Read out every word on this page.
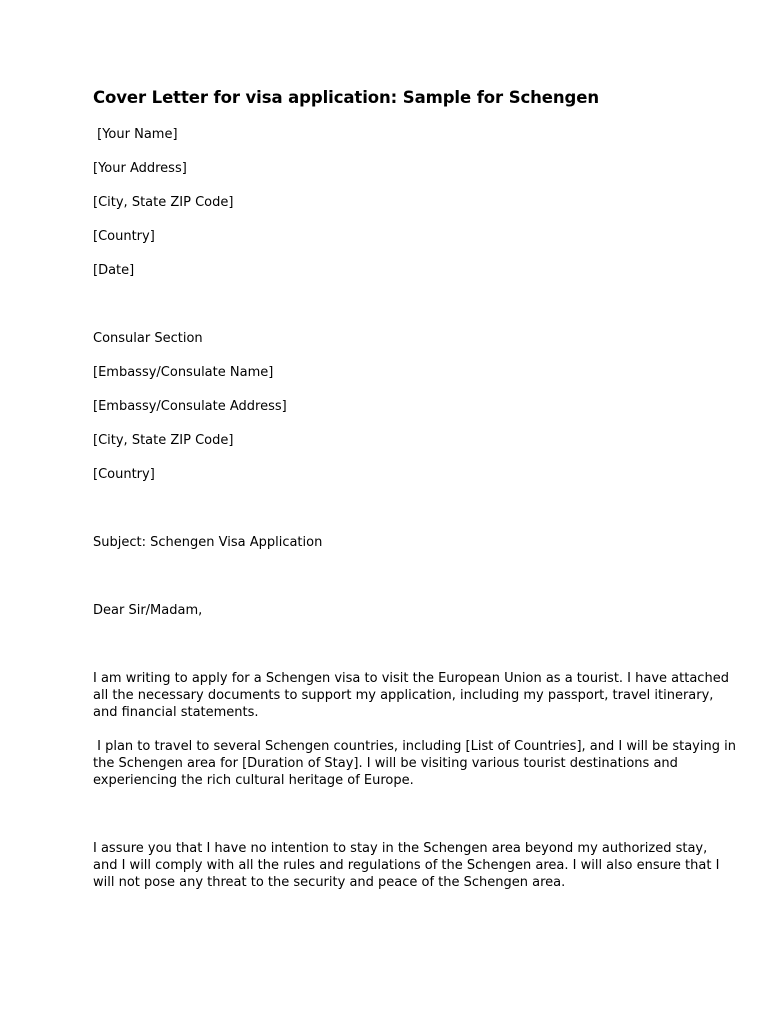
Cover Letter for visa application: Sample for Schengen
[Your Name]
[Your Address]
[City, State ZIP Code]
[Country]
[Date]
Consular Section
[Embassy/Consulate Name]
[Embassy/Consulate Address]
[City, State ZIP Code]
[Country]
Subject: Schengen Visa Application
Dear Sir/Madam,
I am writing to apply for a Schengen visa to visit the European Union as a tourist. I have attached
all the necessary documents to support my application, including my passport, travel itinerary,
and financial statements.
I plan to travel to several Schengen countries, including [List of Countries], and I will be staying in
the Schengen area for [Duration of Stay]. I will be visiting various tourist destinations and
experiencing the rich cultural heritage of Europe.
I assure you that I have no intention to stay in the Schengen area beyond my authorized stay,
and I will comply with all the rules and regulations of the Schengen area. I will also ensure that I
will not pose any threat to the security and peace of the Schengen area.
